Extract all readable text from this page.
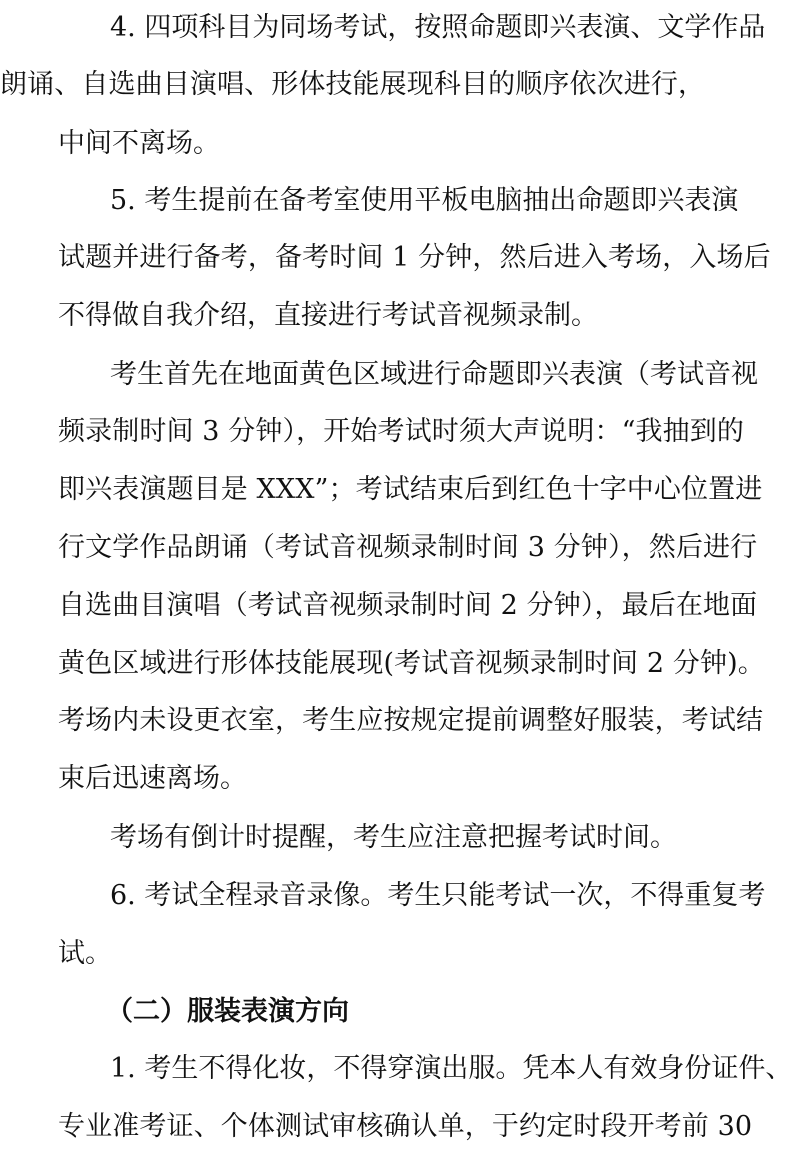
4. 四项科目为同场考试，按照命题即兴表演、文学作品
朗诵、自选曲目演唱、形体技能展现科目的顺序依次进行，
中间不离场。
5. 考生提前在备考室使用平板电脑抽出命题即兴表演
试题并进行备考，备考时间 1 分钟，然后进入考场，入场后
不得做自我介绍，直接进行考试音视频录制。
考生首先在地面黄色区域进行命题即兴表演（考试音视
频录制时间 3 分钟），开始考试时须大声说明：“我抽到的
即兴表演题目是 XXX”；考试结束后到红色十字中心位置进
行文学作品朗诵（考试音视频录制时间 3 分钟），然后进行
自选曲目演唱（考试音视频录制时间 2 分钟），最后在地面
黄色区域进行形体技能展现(考试音视频录制时间 2 分钟)。
考场内未设更衣室，考生应按规定提前调整好服装，考试结
束后迅速离场。
考场有倒计时提醒，考生应注意把握考试时间。
6. 考试全程录音录像。考生只能考试一次，不得重复考
试。
（二）服装表演方向
1. 考生不得化妆，不得穿演出服。凭本人有效身份证件、
专业准考证、个体测试审核确认单，于约定时段开考前 30
